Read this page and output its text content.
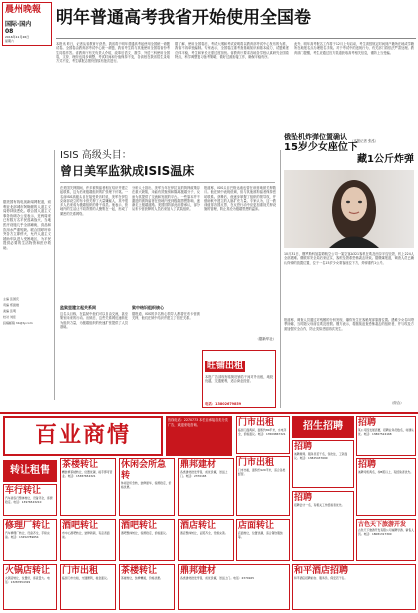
晨州晚報
国际·国内
08
2016年11月26日
星期六
明年普通高考我省开始使用全国卷
本报讯 昨日，记者从省教育厅获悉，我省将于明年普通高考起使用全国统一命题试卷。全国卷由教育部考试中心统一命题，我省考生将与其他使用全国卷省份考生同卷作答。省教育厅有关负责人介绍，改革后语文、数学、外语三科使用全国卷，文综、理综也同步调整，考试时间和分值保持不变，各高校在我省招生录取方式不变，考生填报志愿仍按原有批次进行。
据了解，使用全国卷后，考试大纲和考试说明将以教育部考试中心发布的为准，我省不再单独编制。专家表示，全国卷注重考查基础知识和基本能力，试题难度总体平稳，考生和家长无需过度担忧。省教育厅要求各地各学校认真研究全国卷特点，科学调整复习备考策略，做好过渡衔接工作，确保平稳有序。
此外，明年高考报名工作将于12月上旬启动，考生须按规定时间到户籍所在地或学籍所在地报名点办理报名手续。对于考试中的违规行为，有关部门将依法严肃处理。教育部门提醒，考生应通过官方渠道获取高考相关信息，谨防上当受骗。
（本报记者 张泓）
据美国有线电视新闻网报道，叙利亚北部城市阿勒颇的人道主义局势持续恶化。联合国人道主义事务协调办公室表示，近两周来已有数万名平民逃离战火，当地医疗设施几乎全部瘫痪，食品和饮用水严重短缺。联合国呼吁冲突各方立即停火，允许人道主义援助车队进入受困地区，为平民提供必要的生活物资和医疗救助。
主编 张国庆
责编 郑振雄
美编 张明
校对 刘佳
投稿邮箱 hb@ty.com
ISIS 高级头目：
曾日美军监狱成ISIS温床
在美国关押期间，许多被拘留者相互结识并建立起联系，这为后来极端组织的扩张埋下伏笔。一名前ISIS高级头目在接受采访时说，美军在伊拉克南部设立的布卡营关押了大量嫌疑人，其中很多人后来成为极端组织的骨干成员。他表示，营地内的生活让不同背景的人聚集在一起，形成了紧密的关系网络。
监狱里建立起关系网
这名头目称，在监狱中他们可以自由交流，甚至策划未来的行动。出狱后，这些关系网迅速转化为组织力量，为极端组织的快速扩张提供了人员基础。
分析人士指出，美军当年在伊拉克的拘押政策存在重大缺陷，未能有效甄别和隔离极端分子，反而为其提供了交流和发展的平台。一些原本并不激进的被拘留者在营地内受到极端思想影响，逐渐走上极端道路。美国国防部此前曾承认，部分从布卡营获释的人员后来加入了武装组织。
狱中结识组织核心
据报道，ISIS的多名核心领导人都曾在布卡营被关押，他们在狱中结识并建立了信任关系。
报道称，ISIS头目巴格达迪也曾在该营地被关押数月。他在狱中表现低调，但与其他被拘留者保持密切联系。获释后，他逐步掌握了组织的领导权，并借助狱中建立的人脉扩充力量。专家认为，这一教训值得各国反思，在反恐行动中应更加重视关押设施的管理，防止其沦为极端思想的温床。
（据新华社）
旺铺出租
本报广告部现有临街旺铺若干间对外出租，地段优越，交通便利，适合商业经营。
电话：13802679859
俄坠机炸弹位置确认
15岁少女座位下
藏1公斤炸弹
10月31日，俄罗斯科加雷姆航空公司一架空客A321客机在埃及西奈半岛坠毁，机上224人全部遇难。俄联邦安全局后来证实，客机坠毁系恐怖袭击所致。据俄媒报道，调查人员已确认炸弹的放置位置，位于一名15岁少女乘客座位下方，炸弹重约1公斤。
报道称，调查人员通过对残骸的分析发现，爆炸发生在客舱尾部靠窗位置。遇难少女名叫塔季扬娜，当时随父母前往埃及度假。俄方表示，将继续追查恐怖袭击的组织者，并与埃及方面加强安全合作，防止类似悲剧再次发生。
（综合）
百业商情
热线电话：2270773 本栏目承接各类分类广告，欢迎来电咨询。
转让租售
招生招聘
门市出租
临街门面两间，面积约80平米，水电齐全，价格面议。电话：13509867321
招聘
某公司因发展需要，招聘业务员数名，待遇从优。电话：13867524168
招聘
诚聘厨师、服务员若干名，包吃住，工资面议。电话：13825437690
车行转让
汽车美容行整体转让，设备齐全，客源稳定。电话：13976543210
茶楼转让
精装修茶楼转让，位置优越，接手即可营业。电话：15387654321
休闲会所急转
休闲会所急转，装修豪华，客源稳定，价格优惠。
鼎邦建材
各类建材批发零售，质优价廉，送货上门。电话：2370165
门市出租
门市出租，面积约120平米，适合各类经营。
招聘
诚聘司机两名，持B照以上，有经验者优先。
修理厂转让
汽车修理厂转让，设备齐全，手续完备。电话：13452789654
酒吧转让
市中心酒吧转让，装修新颖，有意者面谈。
酒吧转让
酒吧整体转让，客源稳定，价格面议。
酒店转让
酒店整体转让，证照齐全，设施完善。
店面转让
店面转让，位置优越，适合餐饮服装等。
招聘
招聘会计一名，有相关工作经验者优先。
古色天下旅游开发
古色天下旅游开发有限公司诚聘导游、销售人员。电话：18081317300
火锅店转让
火锅店转让，位置好，客流量大。电话：13287654329
门市出租
临街门市出租，交通便利，租金面议。
茶楼转让
茶楼转让，装修精美，价格优惠。
鼎邦建材
各类建材批发零售，质优价廉，送货上门。电话：2370165
和平酒店招聘
和平酒店招聘前台、服务员、保安若干名。
